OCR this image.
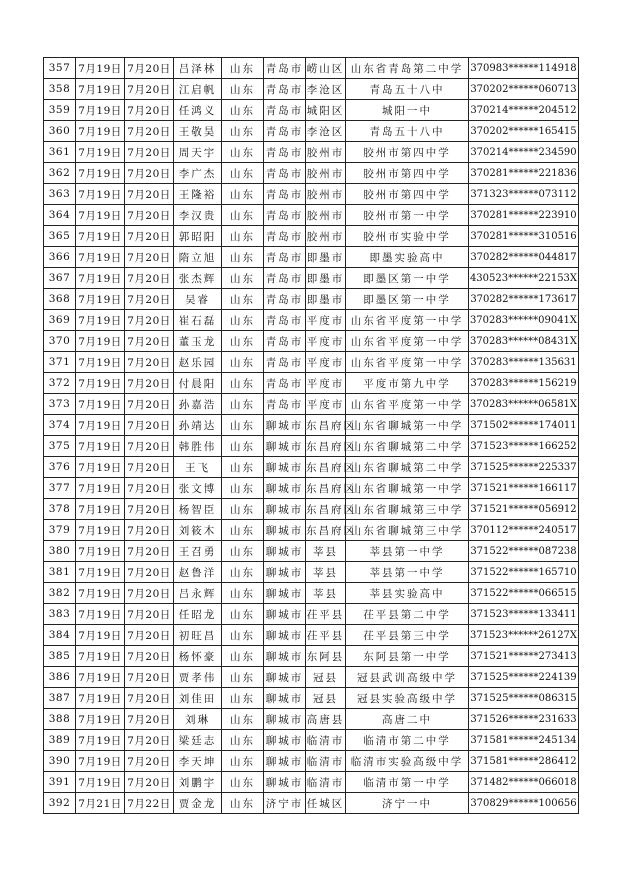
357	7月19日	7月20日	吕泽林	山东	青岛市	崂山区	山东省青岛第二中学	370983******114918
358	7月19日	7月20日	江启帆	山东	青岛市	李沧区	青岛五十八中	370202******060713
359	7月19日	7月20日	任鸿义	山东	青岛市	城阳区	城阳一中	370214******204512
360	7月19日	7月20日	王敬昊	山东	青岛市	李沧区	青岛五十八中	370202******165415
361	7月19日	7月20日	周天宇	山东	青岛市	胶州市	胶州市第四中学	370214******234590
362	7月19日	7月20日	李广杰	山东	青岛市	胶州市	胶州市第四中学	370281******221836
363	7月19日	7月20日	王隆裕	山东	青岛市	胶州市	胶州市第四中学	371323******073112
364	7月19日	7月20日	李汉贵	山东	青岛市	胶州市	胶州市第一中学	370281******223910
365	7月19日	7月20日	郭昭阳	山东	青岛市	胶州市	胶州市实验中学	370281******310516
366	7月19日	7月20日	隋立旭	山东	青岛市	即墨市	即墨实验高中	370282******044817
367	7月19日	7月20日	张杰辉	山东	青岛市	即墨市	即墨区第一中学	430523******22153X
368	7月19日	7月20日	吴睿	山东	青岛市	即墨市	即墨区第一中学	370282******173617
369	7月19日	7月20日	崔石磊	山东	青岛市	平度市	山东省平度第一中学	370283******09041X
370	7月19日	7月20日	董玉龙	山东	青岛市	平度市	山东省平度第一中学	370283******08431X
371	7月19日	7月20日	赵乐园	山东	青岛市	平度市	山东省平度第一中学	370283******135631
372	7月19日	7月20日	付晨阳	山东	青岛市	平度市	平度市第九中学	370283******156219
373	7月19日	7月20日	孙嘉浩	山东	青岛市	平度市	山东省平度第一中学	370283******06581X
374	7月19日	7月20日	孙靖达	山东	聊城市	东昌府区	山东省聊城第一中学	371502******174011
375	7月19日	7月20日	韩胜伟	山东	聊城市	东昌府区	山东省聊城第二中学	371523******166252
376	7月19日	7月20日	王飞	山东	聊城市	东昌府区	山东省聊城第二中学	371525******225337
377	7月19日	7月20日	张文博	山东	聊城市	东昌府区	山东省聊城第一中学	371521******166117
378	7月19日	7月20日	杨智臣	山东	聊城市	东昌府区	山东省聊城第三中学	371521******056912
379	7月19日	7月20日	刘筱木	山东	聊城市	东昌府区	山东省聊城第三中学	370112******240517
380	7月19日	7月20日	王召勇	山东	聊城市	莘县	莘县第一中学	371522******087238
381	7月19日	7月20日	赵鲁洋	山东	聊城市	莘县	莘县第一中学	371522******165710
382	7月19日	7月20日	吕永辉	山东	聊城市	莘县	莘县实验高中	371522******066515
383	7月19日	7月20日	任昭龙	山东	聊城市	茌平县	茌平县第二中学	371523******133411
384	7月19日	7月20日	初旺昌	山东	聊城市	茌平县	茌平县第三中学	371523******26127X
385	7月19日	7月20日	杨怀豪	山东	聊城市	东阿县	东阿县第一中学	371521******273413
386	7月19日	7月20日	贾孝伟	山东	聊城市	冠县	冠县武训高级中学	371525******224139
387	7月19日	7月20日	刘佳田	山东	聊城市	冠县	冠县实验高级中学	371525******086315
388	7月19日	7月20日	刘琳	山东	聊城市	高唐县	高唐二中	371526******231633
389	7月19日	7月20日	梁廷志	山东	聊城市	临清市	临清市第二中学	371581******245134
390	7月19日	7月20日	李天坤	山东	聊城市	临清市	临清市实验高级中学	371581******286412
391	7月19日	7月20日	刘鹏宇	山东	聊城市	临清市	临清市第一中学	371482******066018
392	7月21日	7月22日	贾金龙	山东	济宁市	任城区	济宁一中	370829******100656
